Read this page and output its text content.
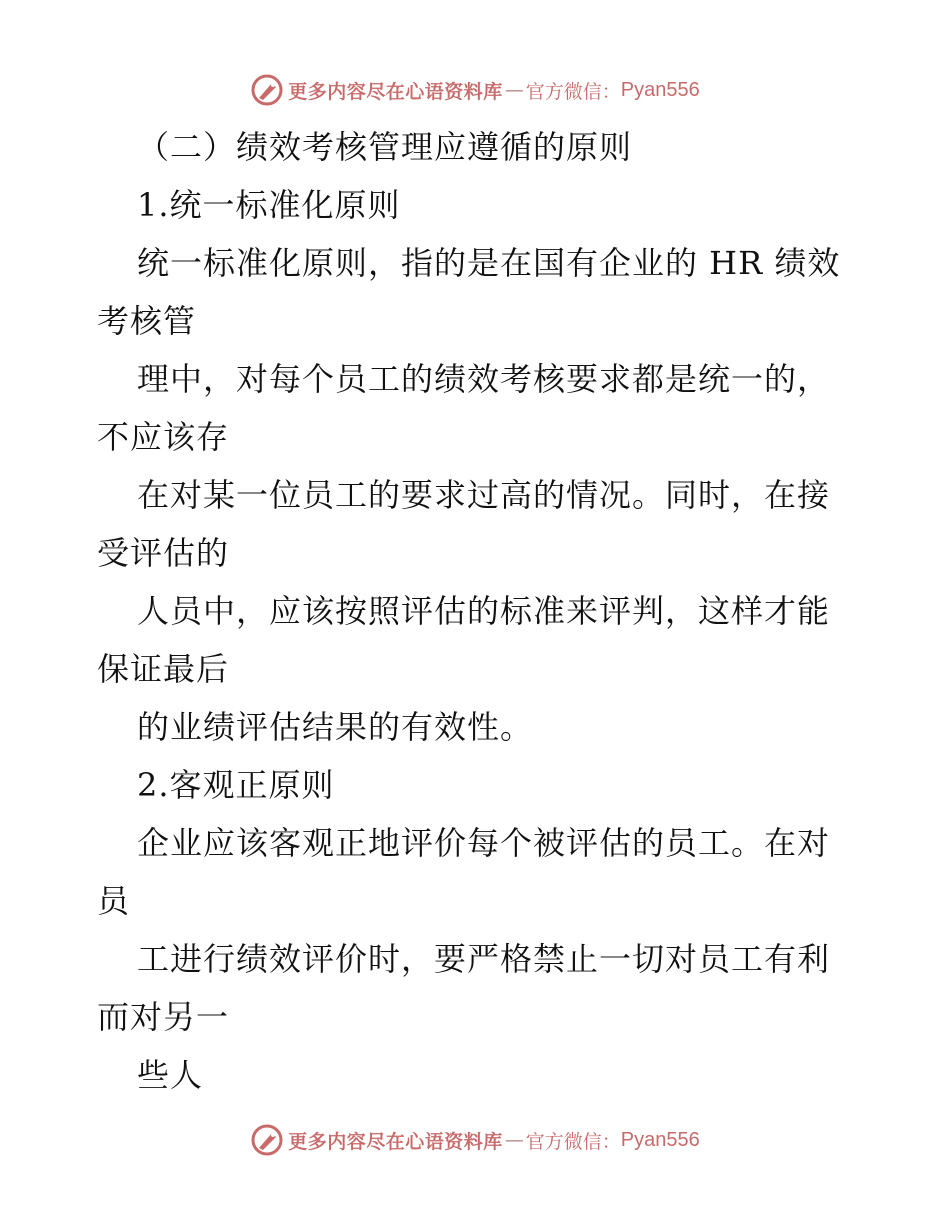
更多内容尽在心语资料库 — 官方微信： Pyan556
（二）绩效考核管理应遵循的原则
1.统一标准化原则
统一标准化原则，指的是在国有企业的 HR 绩效
考核管
理中，对每个员工的绩效考核要求都是统一的，
不应该存
在对某一位员工的要求过高的情况。同时，在接
受评估的
人员中，应该按照评估的标准来评判，这样才能
保证最后
的业绩评估结果的有效性。
2.客观正原则
企业应该客观正地评价每个被评估的员工。在对
员
工进行绩效评价时，要严格禁止一切对员工有利
而对另一
些人
更多内容尽在心语资料库 — 官方微信： Pyan556
